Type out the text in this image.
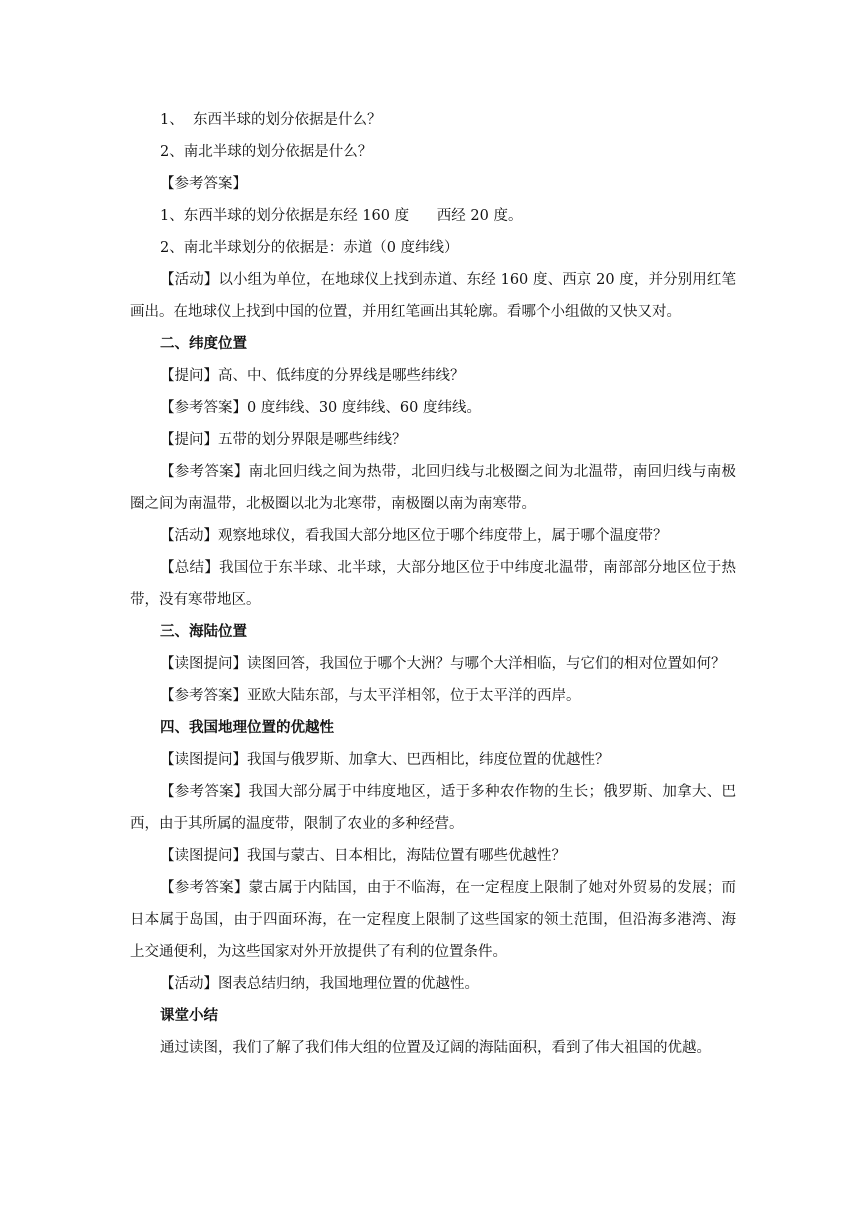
1、  东西半球的划分依据是什么？

2、南北半球的划分依据是什么？

【参考答案】

1、东西半球的划分依据是东经 160 度      西经 20 度。

2、南北半球划分的依据是：赤道（0 度纬线）

【活动】以小组为单位，在地球仪上找到赤道、东经 160 度、西京 20 度，并分别用红笔画出。在地球仪上找到中国的位置，并用红笔画出其轮廓。看哪个小组做的又快又对。

二、纬度位置

【提问】高、中、低纬度的分界线是哪些纬线？

【参考答案】0 度纬线、30 度纬线、60 度纬线。

【提问】五带的划分界限是哪些纬线？

【参考答案】南北回归线之间为热带，北回归线与北极圈之间为北温带，南回归线与南极圈之间为南温带，北极圈以北为北寒带，南极圈以南为南寒带。

【活动】观察地球仪，看我国大部分地区位于哪个纬度带上，属于哪个温度带？

【总结】我国位于东半球、北半球，大部分地区位于中纬度北温带，南部部分地区位于热带，没有寒带地区。

三、海陆位置

【读图提问】读图回答，我国位于哪个大洲？与哪个大洋相临，与它们的相对位置如何？

【参考答案】亚欧大陆东部，与太平洋相邻，位于太平洋的西岸。

四、我国地理位置的优越性

【读图提问】我国与俄罗斯、加拿大、巴西相比，纬度位置的优越性？

【参考答案】我国大部分属于中纬度地区，适于多种农作物的生长；俄罗斯、加拿大、巴西，由于其所属的温度带，限制了农业的多种经营。

【读图提问】我国与蒙古、日本相比，海陆位置有哪些优越性？

【参考答案】蒙古属于内陆国，由于不临海，在一定程度上限制了她对外贸易的发展；而日本属于岛国，由于四面环海，在一定程度上限制了这些国家的领土范围，但沿海多港湾、海上交通便利，为这些国家对外开放提供了有利的位置条件。

【活动】图表总结归纳，我国地理位置的优越性。

课堂小结

通过读图，我们了解了我们伟大组的位置及辽阔的海陆面积，看到了伟大祖国的优越。
